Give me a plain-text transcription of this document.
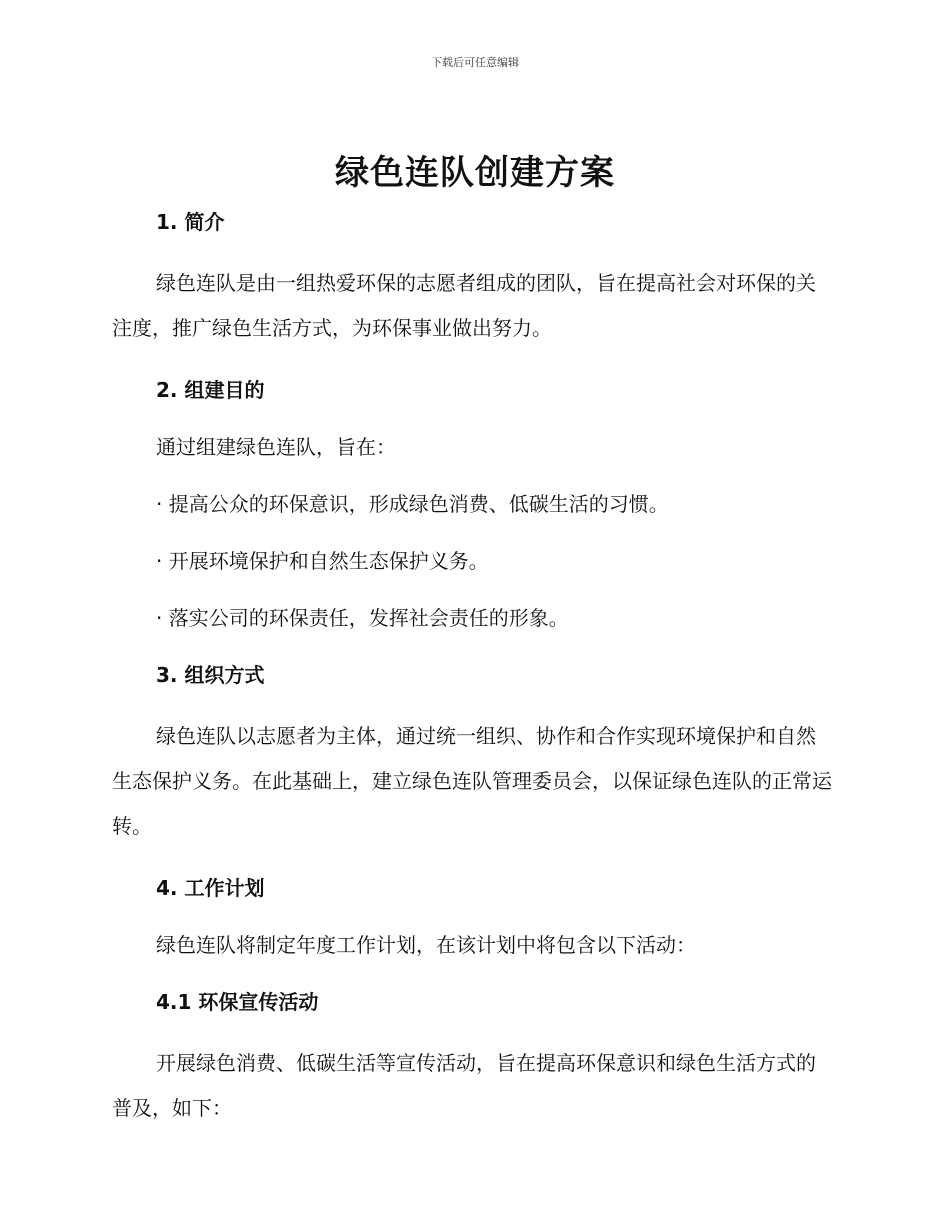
下载后可任意编辑
绿色连队创建方案
1. 简介

绿色连队是由一组热爱环保的志愿者组成的团队，旨在提高社会对环保的关注度，推广绿色生活方式，为环保事业做出努力。

2. 组建目的

通过组建绿色连队，旨在：

· 提高公众的环保意识，形成绿色消费、低碳生活的习惯。

· 开展环境保护和自然生态保护义务。

· 落实公司的环保责任，发挥社会责任的形象。

3. 组织方式

绿色连队以志愿者为主体，通过统一组织、协作和合作实现环境保护和自然生态保护义务。在此基础上，建立绿色连队管理委员会，以保证绿色连队的正常运转。

4. 工作计划

绿色连队将制定年度工作计划，在该计划中将包含以下活动：

4.1 环保宣传活动

开展绿色消费、低碳生活等宣传活动，旨在提高环保意识和绿色生活方式的普及，如下：
